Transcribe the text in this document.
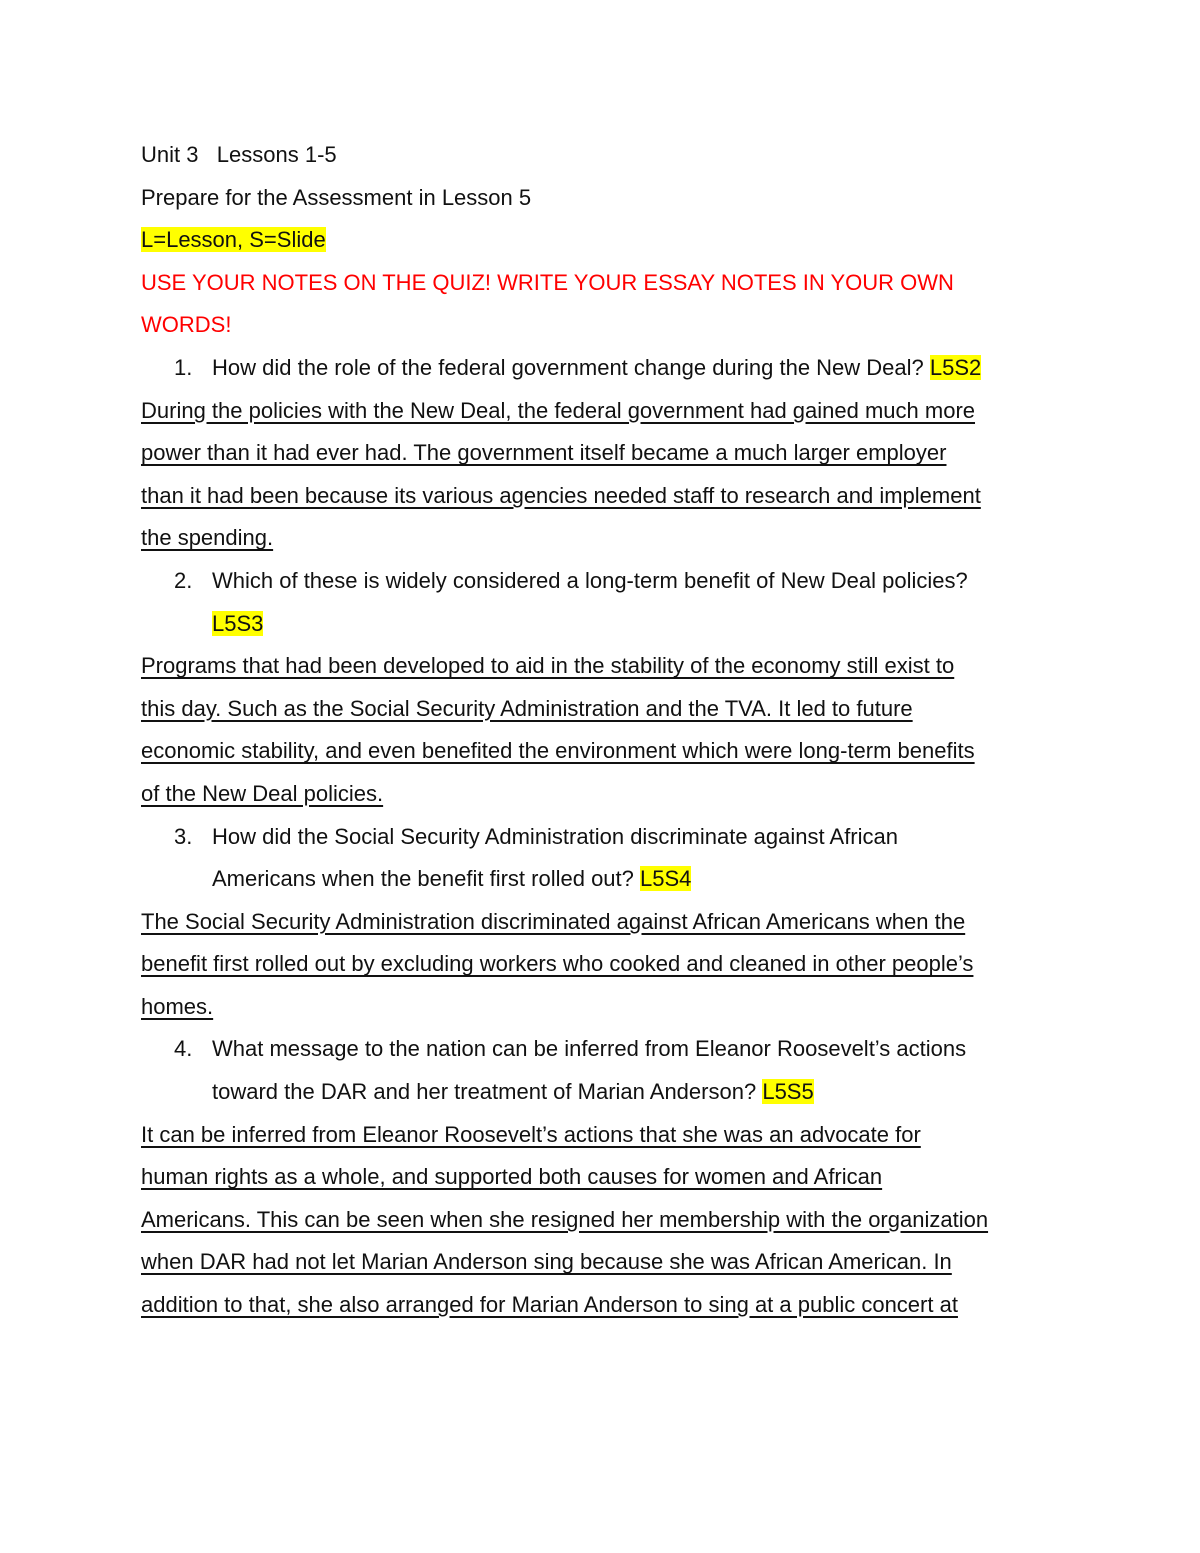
Unit 3   Lessons 1-5
Prepare for the Assessment in Lesson 5
L=Lesson, S=Slide
USE YOUR NOTES ON THE QUIZ! WRITE YOUR ESSAY NOTES IN YOUR OWN
WORDS!
1. How did the role of the federal government change during the New Deal? L5S2
During the policies with the New Deal, the federal government had gained much more
power than it had ever had. The government itself became a much larger employer
than it had been because its various agencies needed staff to research and implement
the spending.
2. Which of these is widely considered a long-term benefit of New Deal policies?
L5S3
Programs that had been developed to aid in the stability of the economy still exist to
this day. Such as the Social Security Administration and the TVA. It led to future
economic stability, and even benefited the environment which were long-term benefits
of the New Deal policies.
3. How did the Social Security Administration discriminate against African
Americans when the benefit first rolled out? L5S4
The Social Security Administration discriminated against African Americans when the
benefit first rolled out by excluding workers who cooked and cleaned in other people’s
homes.
4. What message to the nation can be inferred from Eleanor Roosevelt’s actions
toward the DAR and her treatment of Marian Anderson? L5S5
It can be inferred from Eleanor Roosevelt’s actions that she was an advocate for
human rights as a whole, and supported both causes for women and African
Americans. This can be seen when she resigned her membership with the organization
when DAR had not let Marian Anderson sing because she was African American. In
addition to that, she also arranged for Marian Anderson to sing at a public concert at
